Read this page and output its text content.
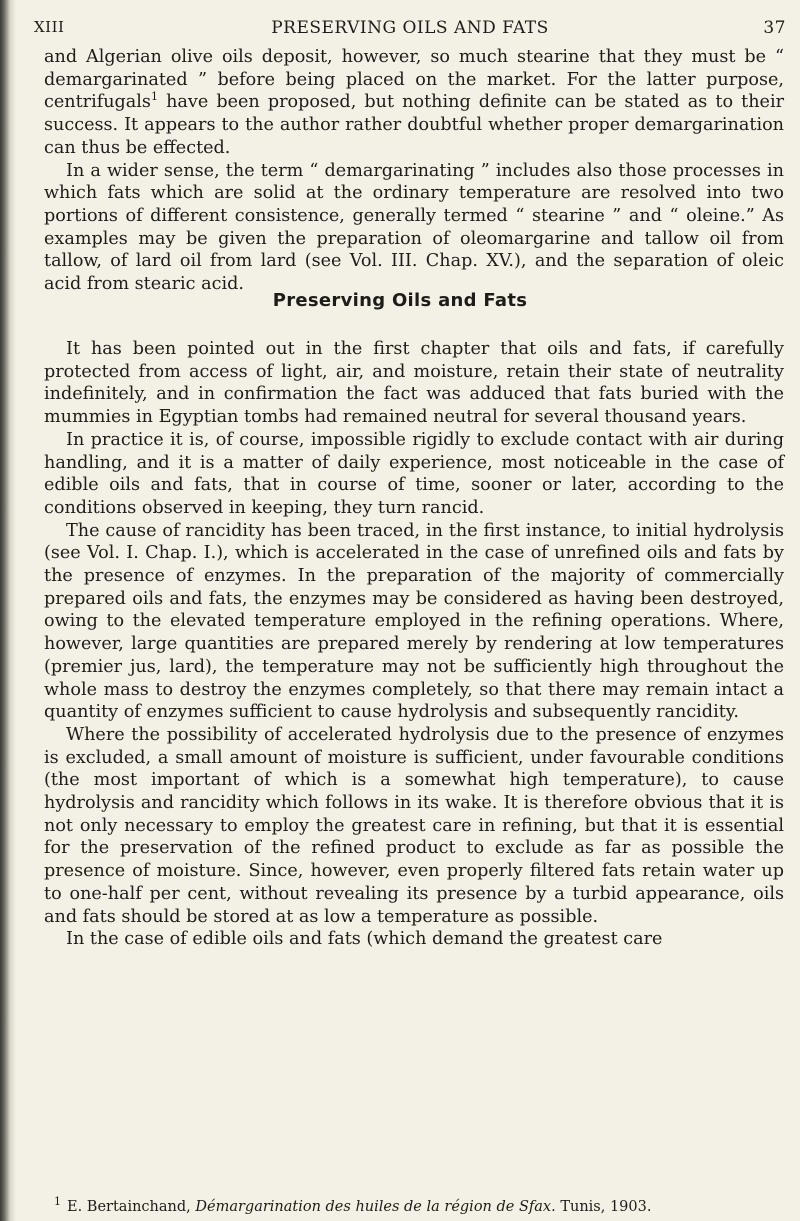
XIII	PRESERVING OILS AND FATS	37

and Algerian olive oils deposit, however, so much stearine that they must be “ demargarinated ” before being placed on the market. For the latter purpose, centrifugals$^1$ have been proposed, but nothing definite can be stated as to their success. It appears to the author rather doubtful whether proper demargarination can thus be effected.

In a wider sense, the term “ demargarinating ” includes also those processes in which fats which are solid at the ordinary temperature are resolved into two portions of different consistence, generally termed “ stearine ” and “ oleine.” As examples may be given the preparation of oleomargarine and tallow oil from tallow, of lard oil from lard (see Vol. III. Chap. XV.), and the separation of oleic acid from stearic acid.

Preserving Oils and Fats

It has been pointed out in the first chapter that oils and fats, if carefully protected from access of light, air, and moisture, retain their state of neutrality indefinitely, and in confirmation the fact was adduced that fats buried with the mummies in Egyptian tombs had remained neutral for several thousand years.

In practice it is, of course, impossible rigidly to exclude contact with air during handling, and it is a matter of daily experience, most noticeable in the case of edible oils and fats, that in course of time, sooner or later, according to the conditions observed in keeping, they turn rancid.

The cause of rancidity has been traced, in the first instance, to initial hydrolysis (see Vol. I. Chap. I.), which is accelerated in the case of unrefined oils and fats by the presence of enzymes. In the preparation of the majority of commercially prepared oils and fats, the enzymes may be considered as having been destroyed, owing to the elevated temperature employed in the refining operations. Where, however, large quantities are prepared merely by rendering at low temperatures (premier jus, lard), the temperature may not be sufficiently high throughout the whole mass to destroy the enzymes completely, so that there may remain intact a quantity of enzymes sufficient to cause hydrolysis and subsequently rancidity.

Where the possibility of accelerated hydrolysis due to the presence of enzymes is excluded, a small amount of moisture is sufficient, under favourable conditions (the most important of which is a somewhat high temperature), to cause hydrolysis and rancidity which follows in its wake. It is therefore obvious that it is not only necessary to employ the greatest care in refining, but that it is essential for the preservation of the refined product to exclude as far as possible the presence of moisture. Since, however, even properly filtered fats retain water up to one-half per cent, without revealing its presence by a turbid appearance, oils and fats should be stored at as low a temperature as possible.

In the case of edible oils and fats (which demand the greatest care

$^1$ E. Bertainchand, Démargarination des huiles de la région de Sfax. Tunis, 1903.
